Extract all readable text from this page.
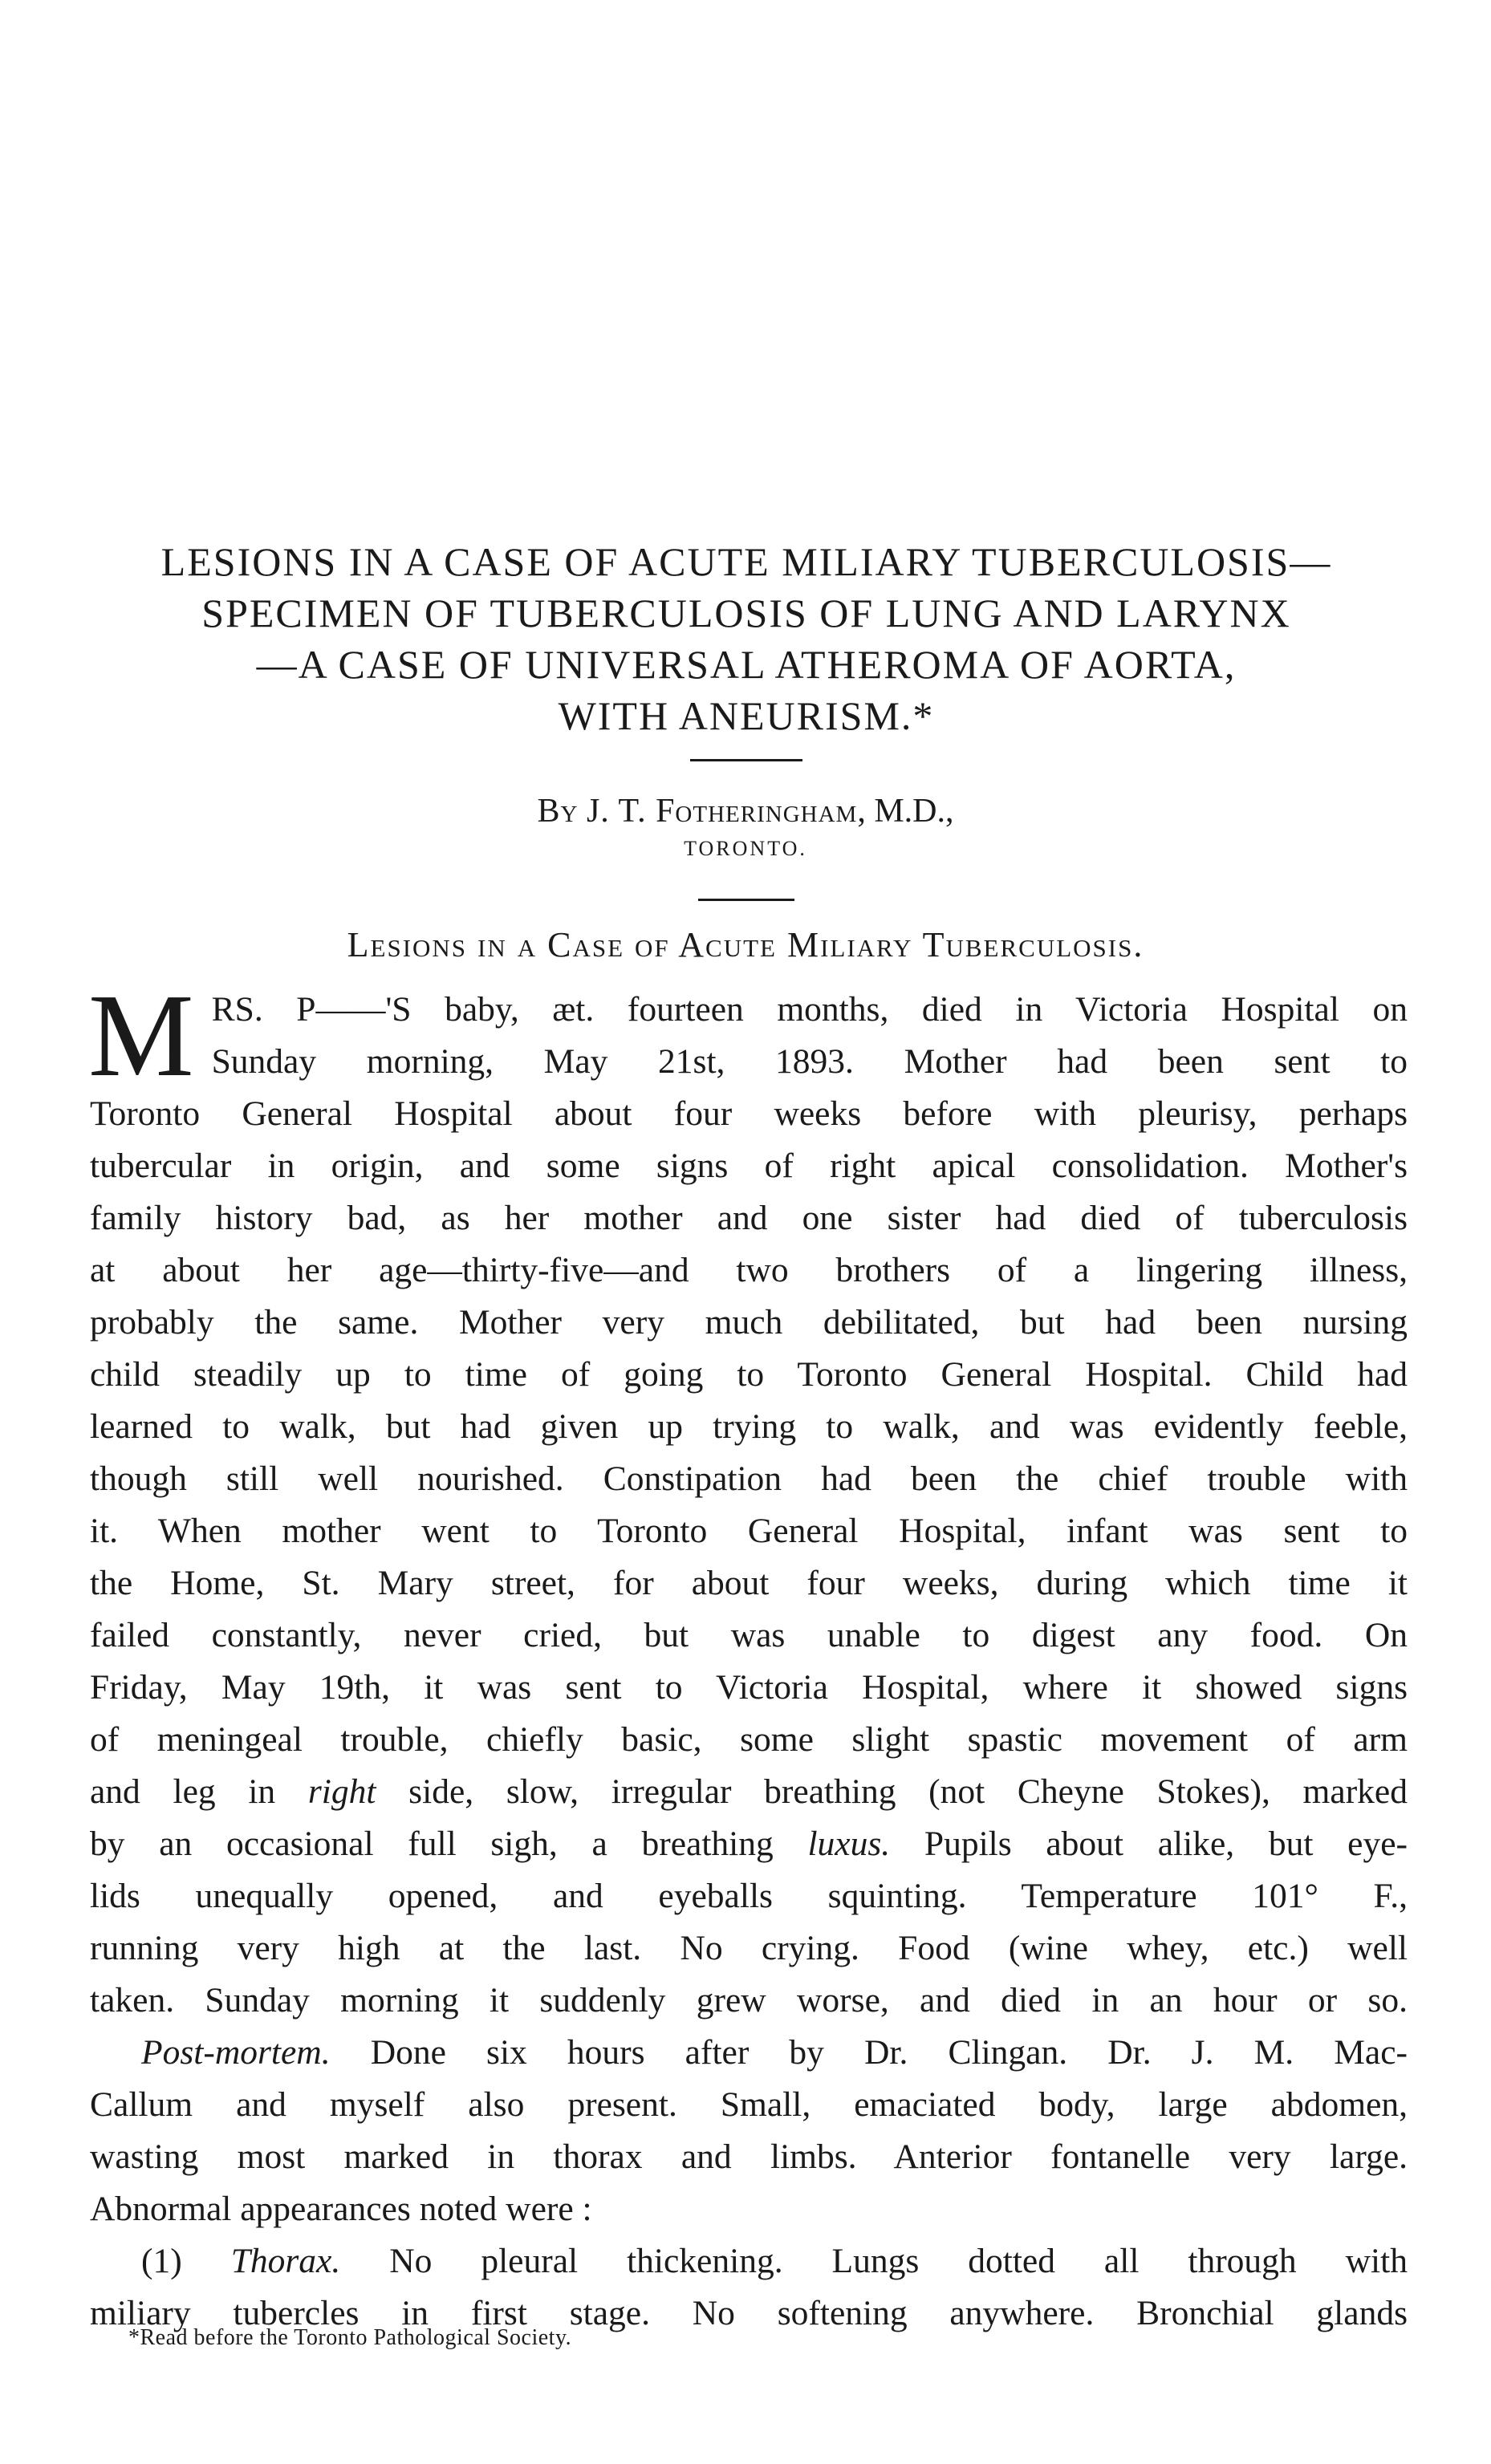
LESIONS IN A CASE OF ACUTE MILIARY TUBERCULOSIS—
SPECIMEN OF TUBERCULOSIS OF LUNG AND LARYNX
—A CASE OF UNIVERSAL ATHEROMA OF AORTA,
WITH ANEURISM.*
By J. T. Fotheringham, M.D.,
TORONTO.
Lesions in a Case of Acute Miliary Tuberculosis.

M RS. P——'S baby, æt. fourteen months, died in Victoria Hospital on
Sunday morning, May 21st, 1893. Mother had been sent to
Toronto General Hospital about four weeks before with pleurisy, perhaps
tubercular in origin, and some signs of right apical consolidation. Mother's
family history bad, as her mother and one sister had died of tuberculosis
at about her age—thirty-five—and two brothers of a lingering illness,
probably the same. Mother very much debilitated, but had been nursing
child steadily up to time of going to Toronto General Hospital. Child had
learned to walk, but had given up trying to walk, and was evidently feeble,
though still well nourished. Constipation had been the chief trouble with
it. When mother went to Toronto General Hospital, infant was sent to
the Home, St. Mary street, for about four weeks, during which time it
failed constantly, never cried, but was unable to digest any food. On
Friday, May 19th, it was sent to Victoria Hospital, where it showed signs
of meningeal trouble, chiefly basic, some slight spastic movement of arm
and leg in right side, slow, irregular breathing (not Cheyne Stokes), marked
by an occasional full sigh, a breathing luxus. Pupils about alike, but eye-
lids unequally opened, and eyeballs squinting. Temperature 101° F.,
running very high at the last. No crying. Food (wine whey, etc.) well
taken. Sunday morning it suddenly grew worse, and died in an hour or so.

Post-mortem. Done six hours after by Dr. Clingan. Dr. J. M. Mac-
Callum and myself also present. Small, emaciated body, large abdomen,
wasting most marked in thorax and limbs. Anterior fontanelle very large.
Abnormal appearances noted were :

(1) Thorax. No pleural thickening. Lungs dotted all through with
miliary tubercles in first stage. No softening anywhere. Bronchial glands

*Read before the Toronto Pathological Society.
